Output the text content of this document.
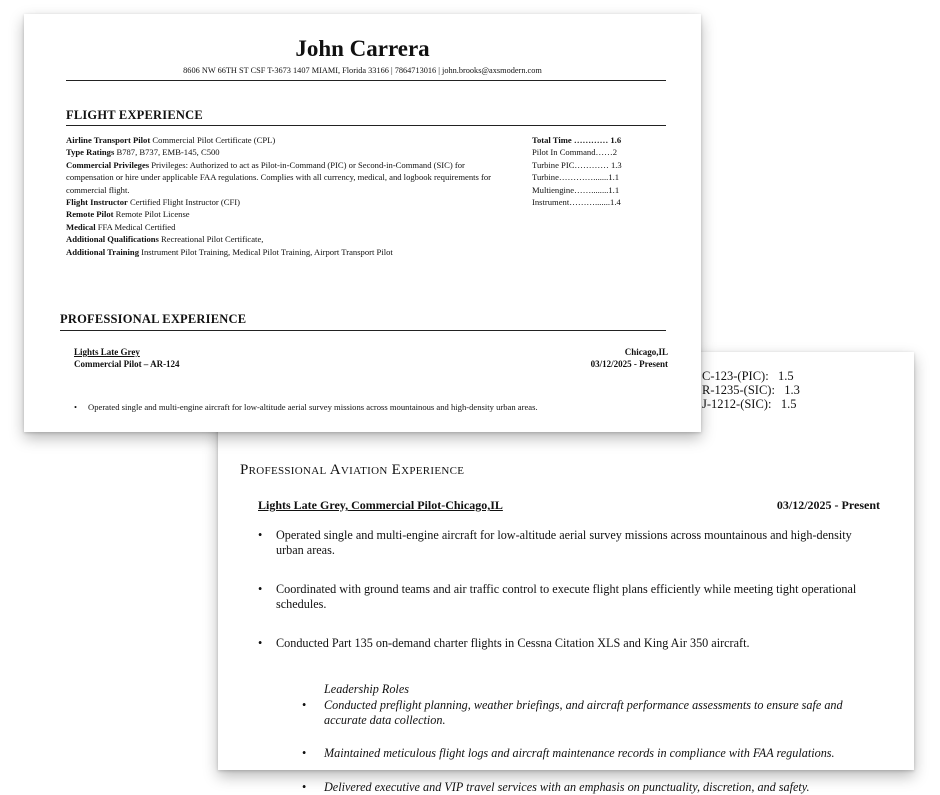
C-123-(PIC):   1.5
R-1235-(SIC):   1.3
J-1212-(SIC):   1.5
Professional Aviation Experience
Lights Late Grey, Commercial Pilot-Chicago,IL	03/12/2025 - Present
• Operated single and multi-engine aircraft for low-altitude aerial survey missions across mountainous and high-density urban areas.
• Coordinated with ground teams and air traffic control to execute flight plans efficiently while meeting tight operational schedules.
• Conducted Part 135 on-demand charter flights in Cessna Citation XLS and King Air 350 aircraft.
Leadership Roles
• Conducted preflight planning, weather briefings, and aircraft performance assessments to ensure safe and accurate data collection.
• Maintained meticulous flight logs and aircraft maintenance records in compliance with FAA regulations.
• Delivered executive and VIP travel services with an emphasis on punctuality, discretion, and safety.
John Carrera
8606 NW 66TH ST CSF T-3673 1407 MIAMI, Florida 33166 | 7864713016 | john.brooks@axsmodern.com
FLIGHT EXPERIENCE
Airline Transport Pilot Commercial Pilot Certificate (CPL)
Type Ratings B787, B737, EMB-145, C500
Commercial Privileges Privileges: Authorized to act as Pilot-in-Command (PIC) or Second-in-Command (SIC) for compensation or hire under applicable FAA regulations. Complies with all currency, medical, and logbook requirements for commercial flight.
Flight Instructor Certified Flight Instructor (CFI)
Remote Pilot Remote Pilot License
Medical FFA Medical Certified
Additional Qualifications Recreational Pilot Certificate,
Additional Training Instrument Pilot Training, Medical Pilot Training, Airport Transport Pilot
Total Time ………… 1.6
Pilot In Command……2
Turbine PIC………… 1.3
Turbine………….......1.1
Multiengine……........1.1
Instrument……….......1.4
PROFESSIONAL EXPERIENCE
Lights Late Grey	Chicago,IL
Commercial Pilot – AR-124	03/12/2025 - Present
• Operated single and multi-engine aircraft for low-altitude aerial survey missions across mountainous and high-density urban areas.
